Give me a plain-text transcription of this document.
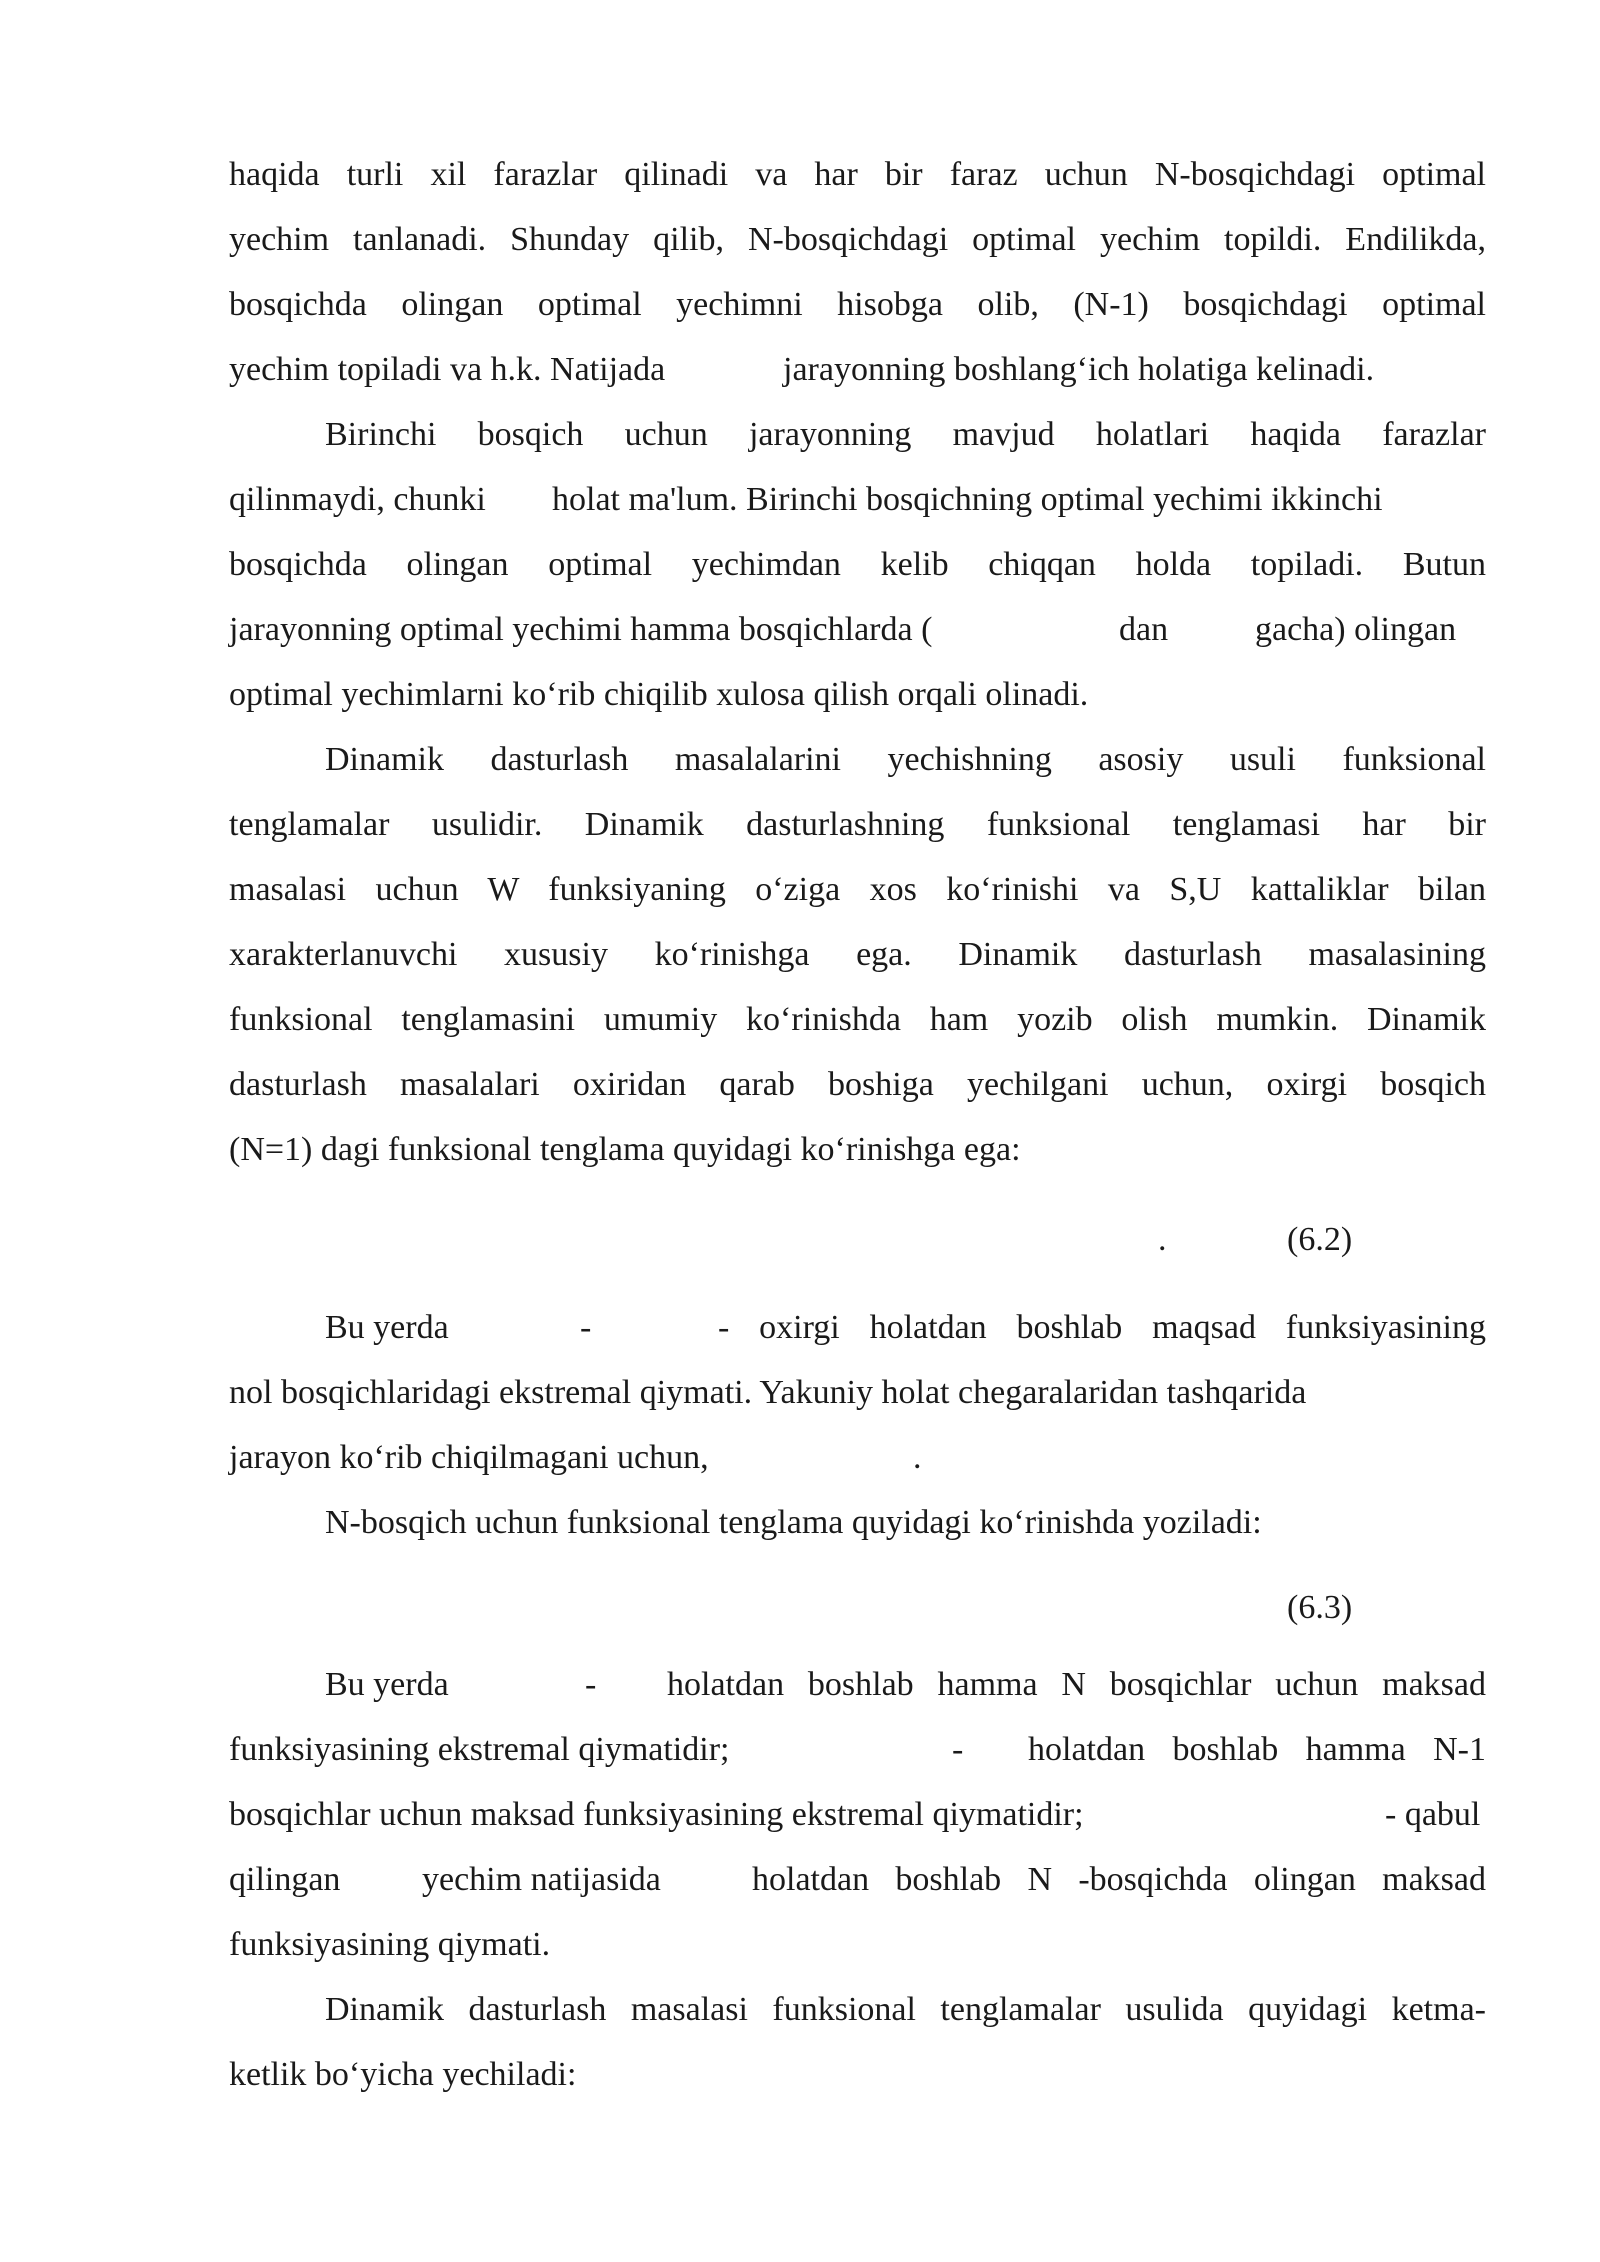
haqida turli xil farazlar qilinadi va har bir faraz uchun N-bosqichdagi optimal
yechim tanlanadi. Shunday qilib, N-bosqichdagi optimal yechim topildi. Endilikda,
bosqichda olingan optimal yechimni hisobga olib, (N-1) bosqichdagi optimal
yechim topiladi va h.k. Natijada	jarayonning boshlang‘ich holatiga kelinadi.
Birinchi bosqich uchun jarayonning mavjud holatlari haqida farazlar
qilinmaydi, chunki holat ma'lum. Birinchi bosqichning optimal yechimi ikkinchi
bosqichda olingan optimal yechimdan kelib chiqqan holda topiladi. Butun
jarayonning optimal yechimi hamma bosqichlarda (	dan	gacha) olingan
optimal yechimlarni ko‘rib chiqilib xulosa qilish orqali olinadi.
Dinamik dasturlash masalalarini yechishning asosiy usuli funksional
tenglamalar usulidir. Dinamik dasturlashning funksional tenglamasi har bir
masalasi uchun W funksiyaning o‘ziga xos ko‘rinishi va S,U kattaliklar bilan
xarakterlanuvchi xususiy ko‘rinishga ega. Dinamik dasturlash masalasining
funksional tenglamasini umumiy ko‘rinishda ham yozib olish mumkin. Dinamik
dasturlash masalalari oxiridan qarab boshiga yechilgani uchun, oxirgi bosqich
(N=1) dagi funksional tenglama quyidagi ko‘rinishga ega:
.	(6.2)
Bu yerda	-	- oxirgi holatdan boshlab maqsad funksiyasining
nol bosqichlaridagi ekstremal qiymati. Yakuniy holat chegaralaridan tashqarida
jarayon ko‘rib chiqilmagani uchun,	.
N-bosqich uchun funksional tenglama quyidagi ko‘rinishda yoziladi:
(6.3)
Bu yerda	- holatdan boshlab hamma N bosqichlar uchun maksad
funksiyasining ekstremal qiymatidir;	- holatdan boshlab hamma N-1
bosqichlar uchun maksad funksiyasining ekstremal qiymatidir;	- qabul
qilingan yechim natijasida	holatdan boshlab N -bosqichda olingan maksad
funksiyasining qiymati.
Dinamik dasturlash masalasi funksional tenglamalar usulida quyidagi ketma-
ketlik bo‘yicha yechiladi:
